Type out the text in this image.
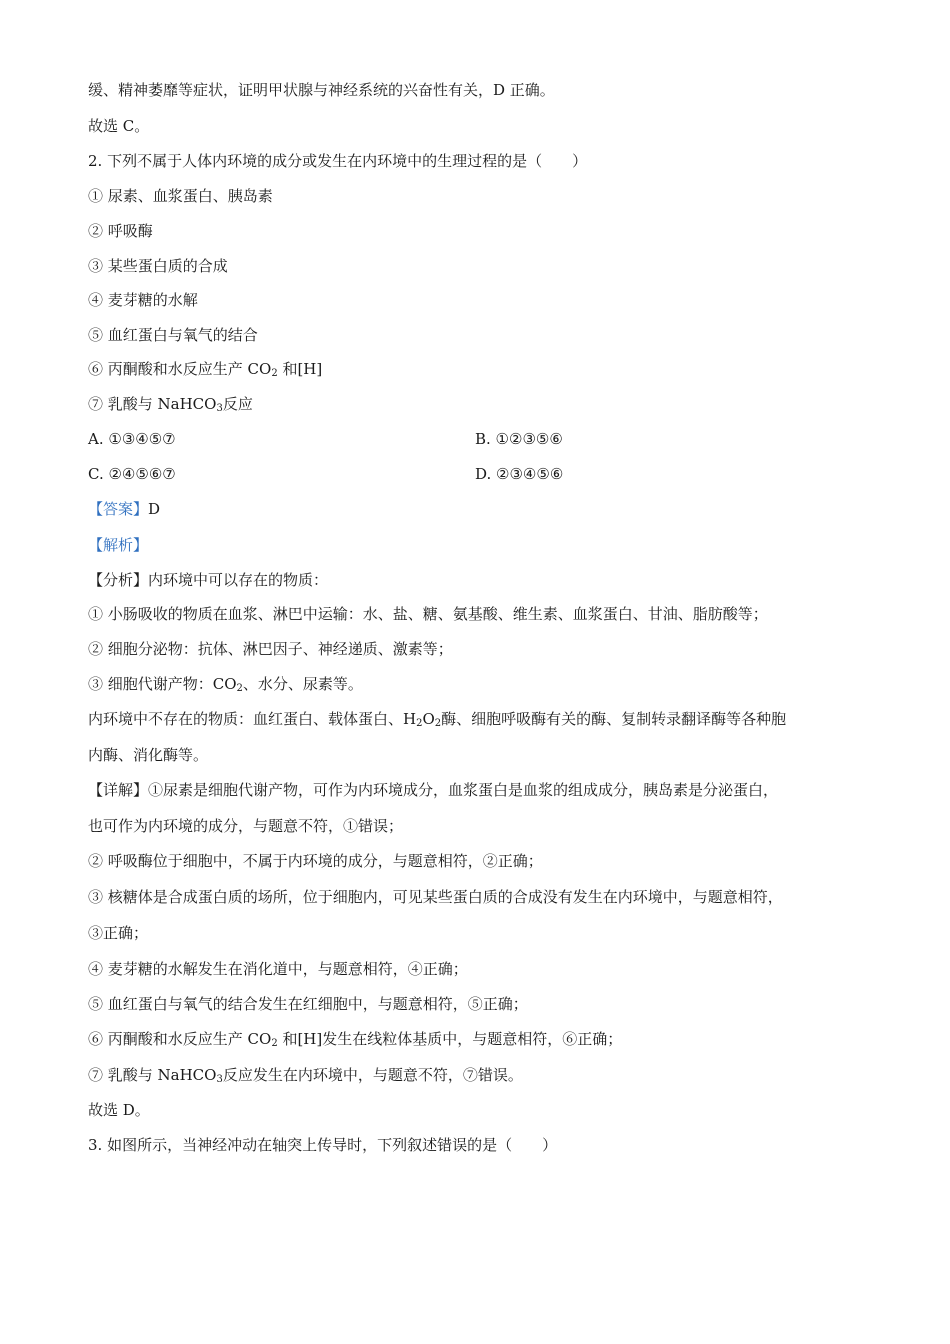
缓、精神萎靡等症状，证明甲状腺与神经系统的兴奋性有关，D 正确。
故选 C。
2. 下列不属于人体内环境的成分或发生在内环境中的生理过程的是（　　）
① 尿素、血浆蛋白、胰岛素
② 呼吸酶
③ 某些蛋白质的合成
④ 麦芽糖的水解
⑤ 血红蛋白与氧气的结合
⑥ 丙酮酸和水反应生产 $CO_2$ 和[H]
⑦ 乳酸与 NaHCO$_3$反应
A. ①③④⑤⑦	B. ①②③⑤⑥
C. ②④⑤⑥⑦	D. ②③④⑤⑥
【答案】D
【解析】
【分析】内环境中可以存在的物质：
① 小肠吸收的物质在血浆、淋巴中运输：水、盐、糖、氨基酸、维生素、血浆蛋白、甘油、脂肪酸等；
② 细胞分泌物：抗体、淋巴因子、神经递质、激素等；
③ 细胞代谢产物：$CO_2$、水分、尿素等。
内环境中不存在的物质：血红蛋白、载体蛋白、$H_2O_2$酶、细胞呼吸酶有关的酶、复制转录翻译酶等各种胞
内酶、消化酶等。
【详解】①尿素是细胞代谢产物，可作为内环境成分，血浆蛋白是血浆的组成成分，胰岛素是分泌蛋白，
也可作为内环境的成分，与题意不符，①错误；
② 呼吸酶位于细胞中，不属于内环境的成分，与题意相符，②正确；
③ 核糖体是合成蛋白质的场所，位于细胞内，可见某些蛋白质的合成没有发生在内环境中，与题意相符，
③正确；
④ 麦芽糖的水解发生在消化道中，与题意相符，④正确；
⑤ 血红蛋白与氧气的结合发生在红细胞中，与题意相符，⑤正确；
⑥ 丙酮酸和水反应生产 $CO_2$ 和[H]发生在线粒体基质中，与题意相符，⑥正确；
⑦ 乳酸与 NaHCO$_3$反应发生在内环境中，与题意不符，⑦错误。
故选 D。
3. 如图所示，当神经冲动在轴突上传导时，下列叙述错误的是（　　）
